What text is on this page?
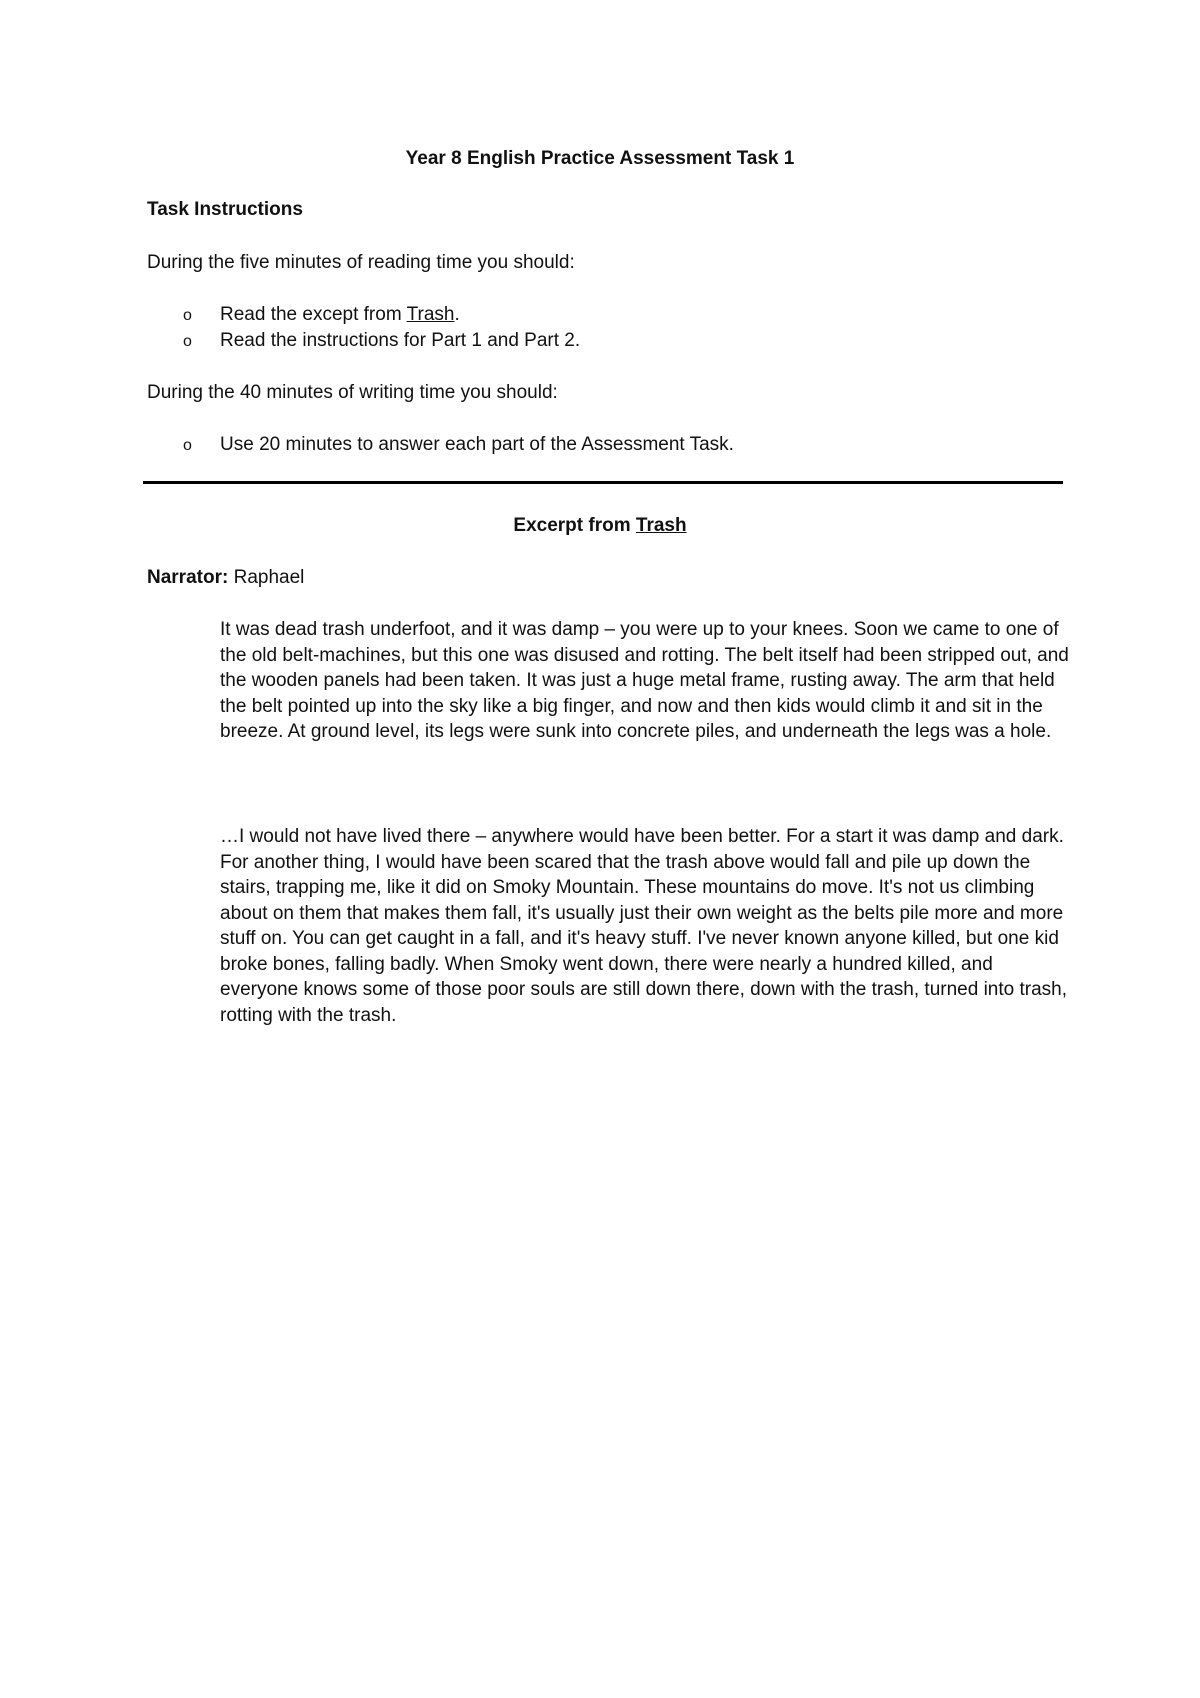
Year 8 English Practice Assessment Task 1
Task Instructions
During the five minutes of reading time you should:
o	Read the except from Trash.
o	Read the instructions for Part 1 and Part 2.
During the 40 minutes of writing time you should:
o	Use 20 minutes to answer each part of the Assessment Task.
Excerpt from Trash
Narrator: Raphael
It was dead trash underfoot, and it was damp – you were up to your knees. Soon we came to one of the old belt-machines, but this one was disused and rotting. The belt itself had been stripped out, and the wooden panels had been taken. It was just a huge metal frame, rusting away. The arm that held the belt pointed up into the sky like a big finger, and now and then kids would climb it and sit in the breeze. At ground level, its legs were sunk into concrete piles, and underneath the legs was a hole.
…I would not have lived there – anywhere would have been better. For a start it was damp and dark. For another thing, I would have been scared that the trash above would fall and pile up down the stairs, trapping me, like it did on Smoky Mountain. These mountains do move. It's not us climbing about on them that makes them fall, it's usually just their own weight as the belts pile more and more stuff on. You can get caught in a fall, and it's heavy stuff. I've never known anyone killed, but one kid broke bones, falling badly. When Smoky went down, there were nearly a hundred killed, and everyone knows some of those poor souls are still down there, down with the trash, turned into trash, rotting with the trash.
